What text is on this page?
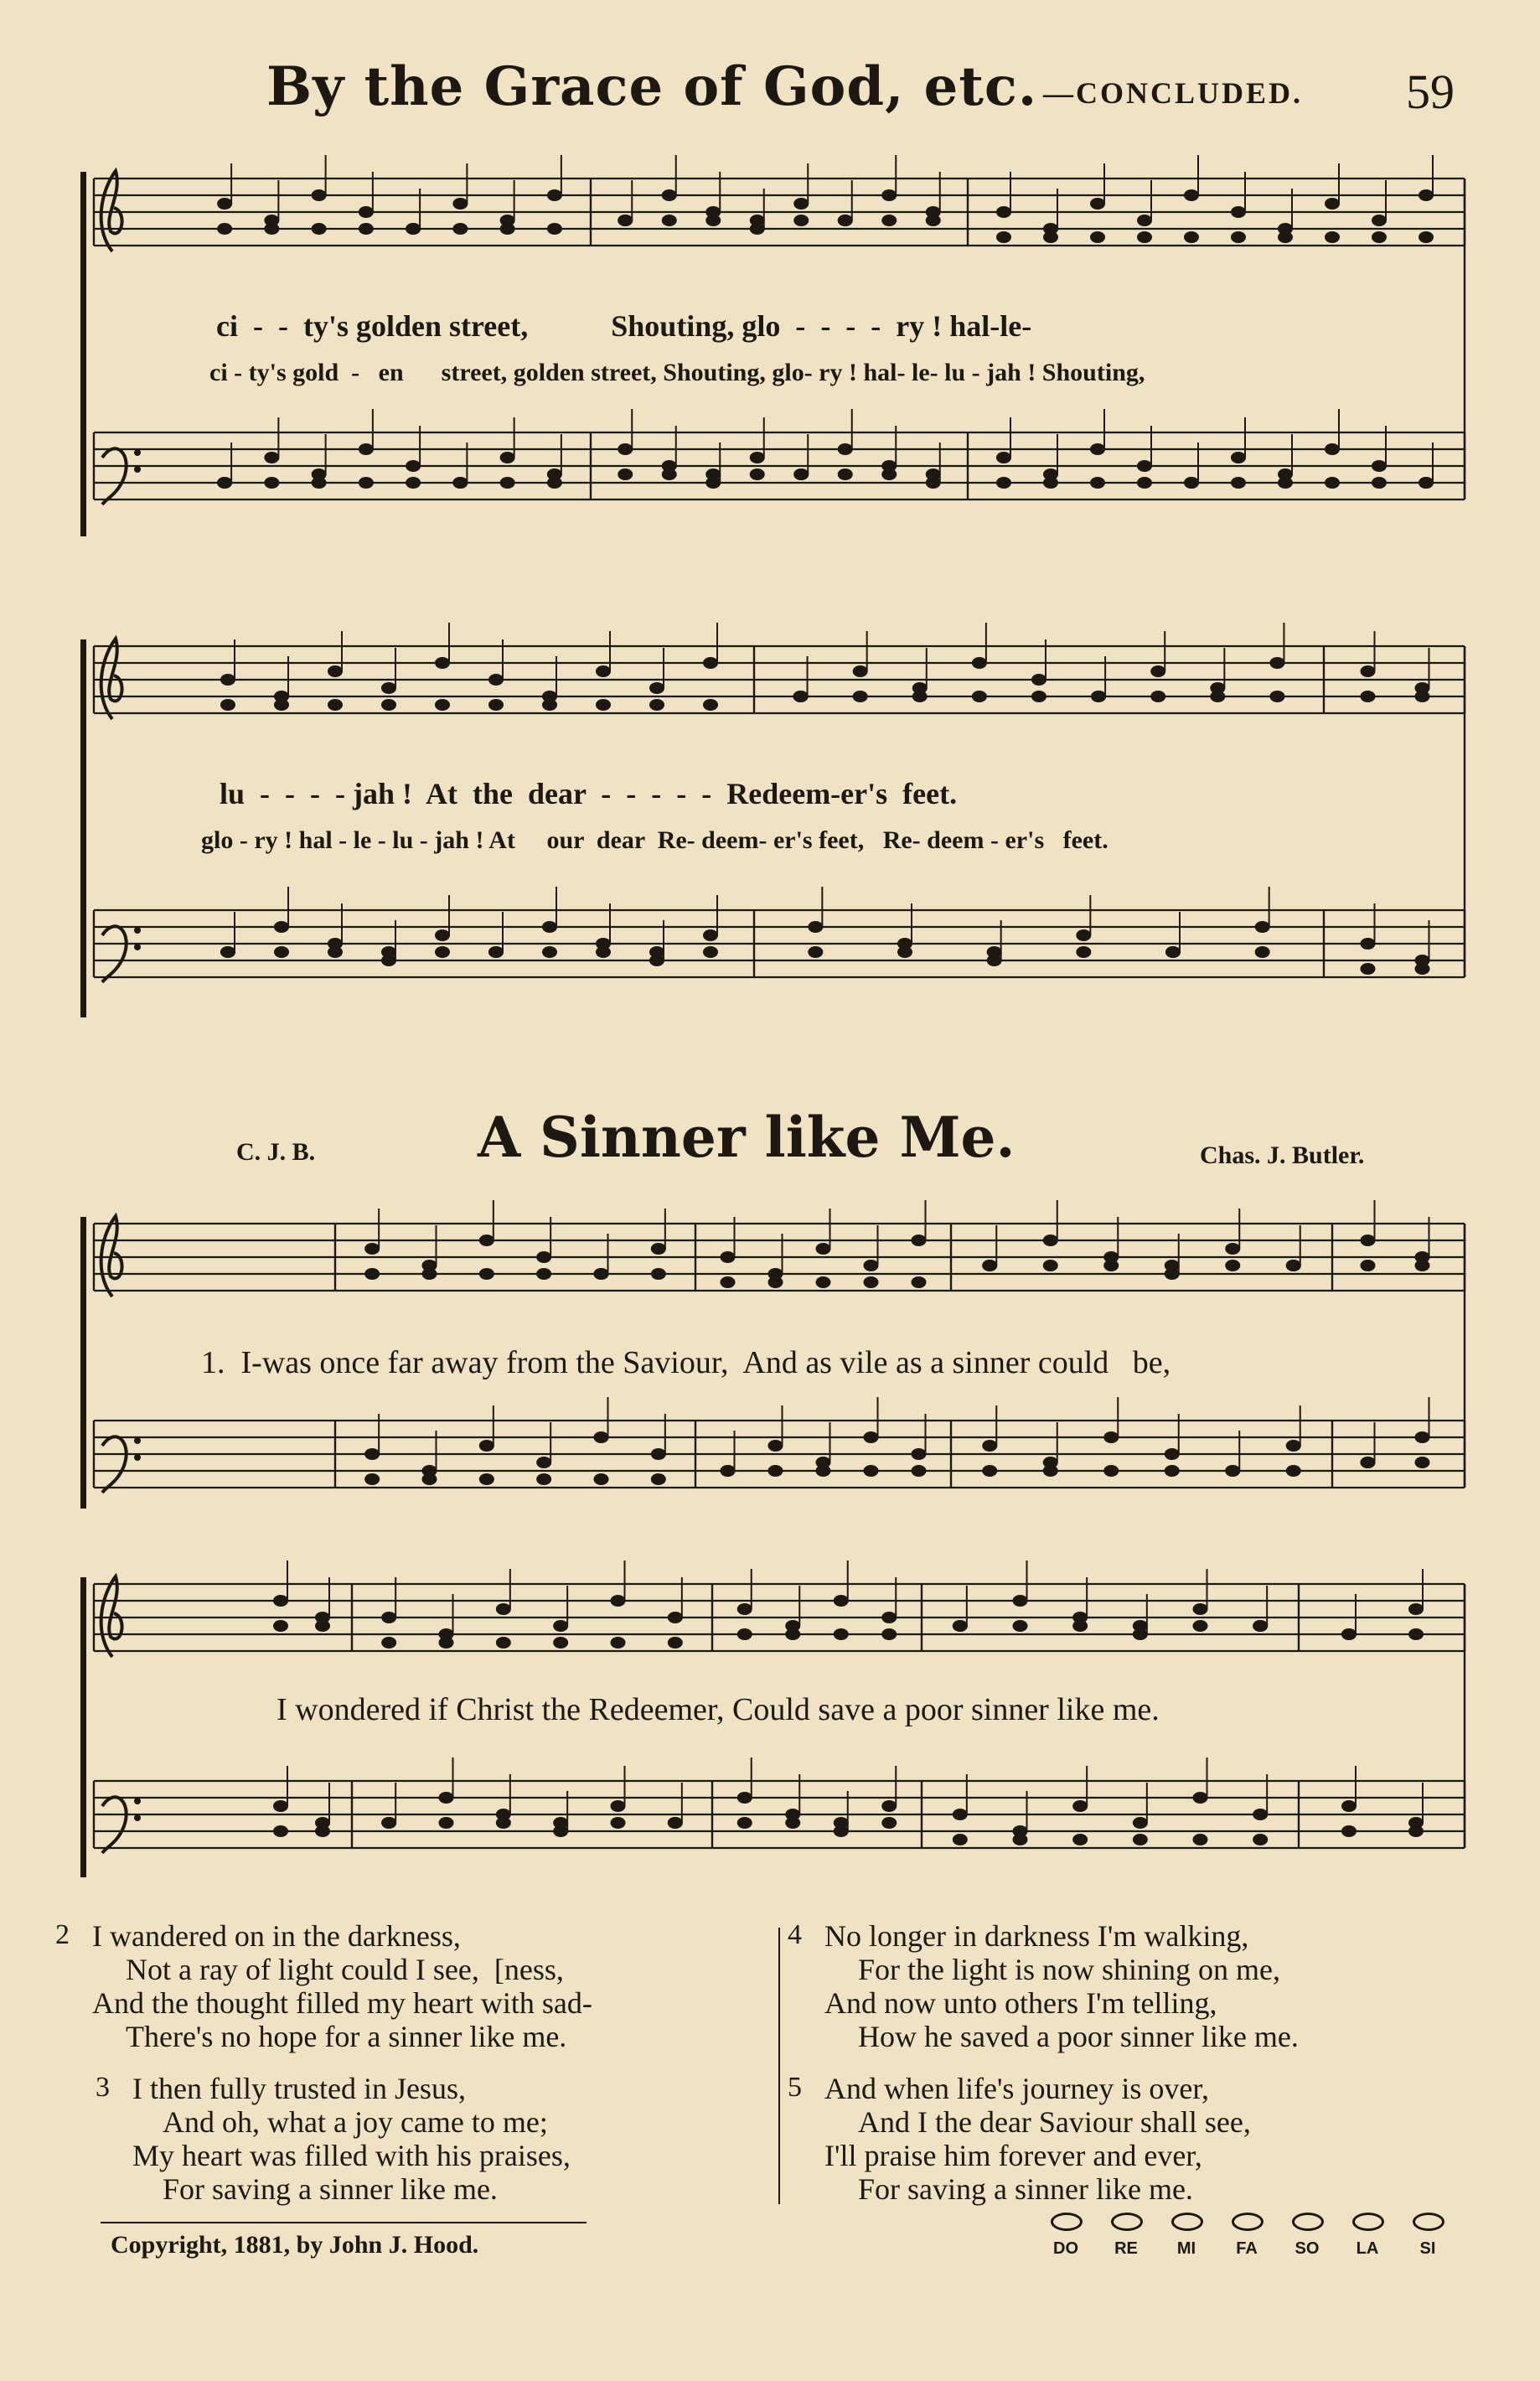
By the Grace of God, etc. —CONCLUDED. 59
ci  -  -  ty's golden street,           Shouting, glo  -  -  -  -  ry ! hal-le-
ci - ty's gold  -   en      street, golden street, Shouting, glo- ry ! hal- le- lu - jah ! Shouting,
lu  -  -  -  - jah !  At  the  dear  -  -  -  -  -  Redeem-er's  feet.
glo - ry ! hal - le - lu - jah ! At     our  dear  Re- deem- er's feet,   Re- deem - er's   feet.
C. J. B.	A Sinner like Me.	Chas. J. Butler.
1.  I-was once far away from the Saviour,  And as vile as a sinner could   be,
I wondered if Christ the Redeemer, Could save a poor sinner like me.
2 I wandered on in the darkness,
Not a ray of light could I see,  [ness,
And the thought filled my heart with sad-
There's no hope for a sinner like me.
3 I then fully trusted in Jesus,
And oh, what a joy came to me;
My heart was filled with his praises,
For saving a sinner like me.
4 No longer in darkness I'm walking,
For the light is now shining on me,
And now unto others I'm telling,
How he saved a poor sinner like me.
5 And when life's journey is over,
And I the dear Saviour shall see,
I'll praise him forever and ever,
For saving a sinner like me.
Copyright, 1881, by John J. Hood.	DO	RE	MI	FA	SO	LA	SI
